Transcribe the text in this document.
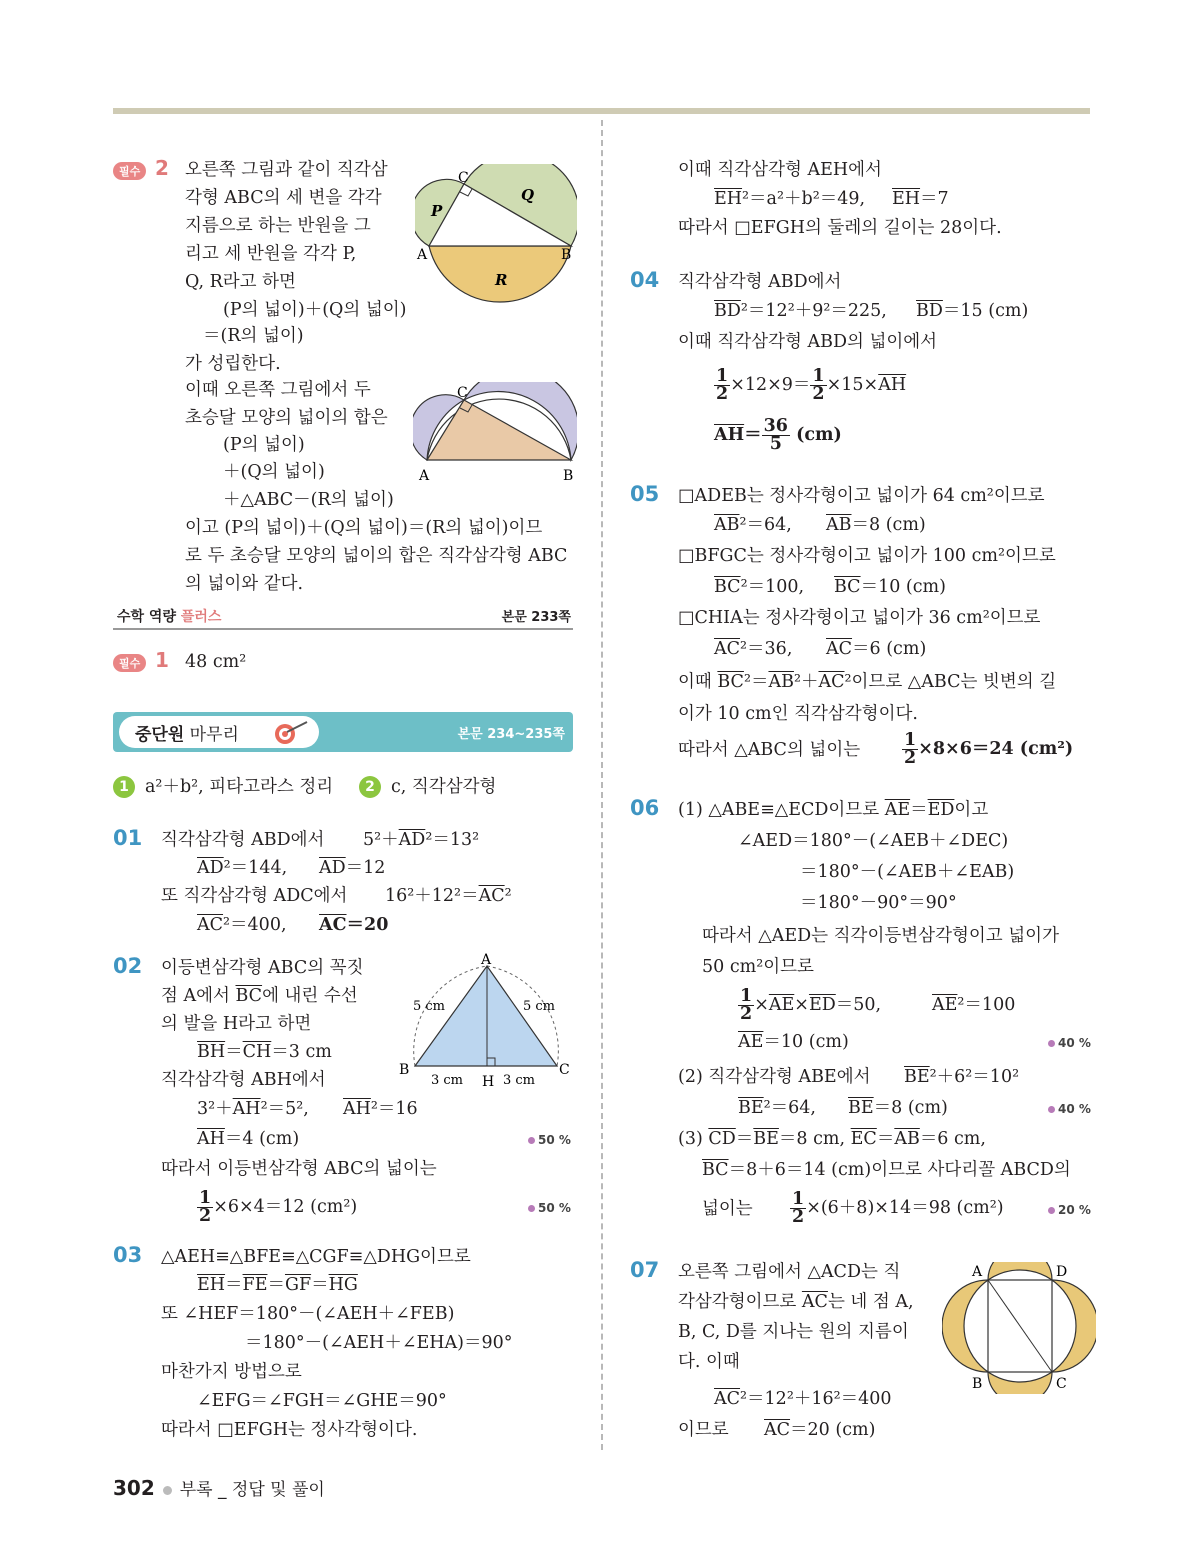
필수 2 오른쪽 그림과 같이 직각삼
각형 ABC의 세 변을 각각
지름으로 하는 반원을 그
리고 세 반원을 각각 P,
Q, R라고 하면
(P의 넓이)＋(Q의 넓이)
＝(R의 넓이)
가 성립한다.
이때 오른쪽 그림에서 두
초승달 모양의 넓이의 합은
(P의 넓이)
＋(Q의 넓이)
＋△ABC－(R의 넓이)
이고 (P의 넓이)＋(Q의 넓이)＝(R의 넓이)이므
로 두 초승달 모양의 넓이의 합은 직각삼각형 ABC
의 넓이와 같다.
C
A	B
P
Q
R
C
A	B
수학 역량 플러스	본문 233쪽
필수 1 48 cm²
중단원 마무리	본문 234~235쪽
1 a²＋b², 피타고라스 정리	2 c, 직각삼각형
01 직각삼각형 ABD에서 $5^2+\overline{AD}^2=13^2$
$\overline{AD}^2=144$, $\overline{AD}=12$
또 직각삼각형 ADC에서 $16^2+12^2=\overline{AC}^2$
$\overline{AC}^2=400$, $\overline{AC}=20$
02 이등변삼각형 ABC의 꼭짓
점 A에서 $\overline{BC}$에 내린 수선
의 발을 H라고 하면
$\overline{BH}=\overline{CH}=3$ cm
직각삼각형 ABH에서
$3^2+\overline{AH}^2=5^2$, $\overline{AH}^2=16$
$\overline{AH}=4$ (cm)	50 %
따라서 이등변삼각형 ABC의 넓이는
$\frac{1}{2} \times 6\times 4=12$ (cm²)	50 %
A
B	C
H
5 cm	5 cm
3 cm	3 cm
03 △AEH≡△BFE≡△CGF≡△DHG이므로
$\overline{EH}=\overline{FE}=\overline{GF}=\overline{HG}$
또 ∠HEF＝180°－(∠AEH＋∠FEB)
＝180°－(∠AEH＋∠EHA)＝90°
마찬가지 방법으로
∠EFG＝∠FGH＝∠GHE＝90°
따라서 □EFGH는 정사각형이다.
이때 직각삼각형 AEH에서
$\overline{EH}^2=a^2+b^2=49$, $\overline{EH}=7$
따라서 □EFGH의 둘레의 길이는 28이다.
04 직각삼각형 ABD에서
$\overline{BD}^2=12^2+9^2=225$, $\overline{BD}=15$ (cm)
이때 직각삼각형 ABD의 넓이에서
$\frac{1}{2} \times 12\times 9= \frac{1}{2} \times 15\times\overline{AH}$
$\overline{AH}= \frac{36}{5} (cm)$
05 □ADEB는 정사각형이고 넓이가 64 cm²이므로
$\overline{AB}^2=64$, $\overline{AB}=8$ (cm)
□BFGC는 정사각형이고 넓이가 100 cm²이므로
$\overline{BC}^2=100$, $\overline{BC}=10$ (cm)
□CHIA는 정사각형이고 넓이가 36 cm²이므로
$\overline{AC}^2=36$, $\overline{AC}=6$ (cm)
이때 $\overline{BC}^2=\overline{AB}^2+\overline{AC}^2$이므로 △ABC는 빗변의 길
이가 10 cm인 직각삼각형이다.
따라서 △ABC의 넓이는 $\frac{1}{2} \times 8\times 6=24$ (cm²)
06 (1) △ABE≡△ECD이므로 $\overline{AE}=\overline{ED}$이고
∠AED＝180°－(∠AEB＋∠DEC)
＝180°－(∠AEB＋∠EAB)
＝180°－90°＝90°
따라서 △AED는 직각이등변삼각형이고 넓이가
50 cm²이므로
$\frac{1}{2} \times\overline{AE}\times\overline{ED}=50$,	$\overline{AE}^2=100$
$\overline{AE}=10$ (cm)	40 %
(2) 직각삼각형 ABE에서 $\overline{BE}^2+6^2=10^2$
$\overline{BE}^2=64$, $\overline{BE}=8$ (cm)	40 %
(3) $\overline{CD}=\overline{BE}=8$ cm, $\overline{EC}=\overline{AB}=6$ cm,
$\overline{BC}=8+6=14$ (cm)이므로 사다리꼴 ABCD의
넓이는 $\frac{1}{2} \times(6+8)\times 14=98$ (cm²)	20 %
07 오른쪽 그림에서 △ACD는 직
각삼각형이므로 $\overline{AC}$는 네 점 A,
B, C, D를 지나는 원의 지름이
다. 이때
$\overline{AC}^2=12^2+16^2=400$
이므로 $\overline{AC}=20$ (cm)
A	D
B	C
302 부록 _ 정답 및 풀이
